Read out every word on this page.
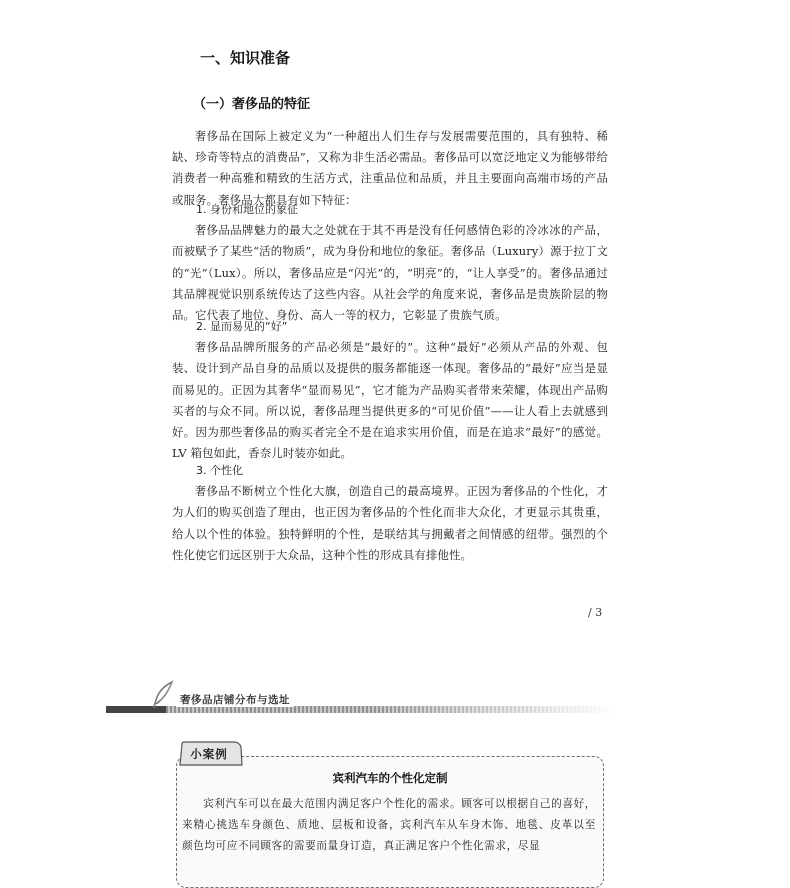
一、知识准备
（一）奢侈品的特征

奢侈品在国际上被定义为“一种超出人们生存与发展需要范围的，具有独特、稀缺、珍奇等特点的消费品”，又称为非生活必需品。奢侈品可以宽泛地定义为能够带给消费者一种高雅和精致的生活方式，注重品位和品质，并且主要面向高端市场的产品或服务。奢侈品大都具有如下特征：

1. 身份和地位的象征

奢侈品品牌魅力的最大之处就在于其不再是没有任何感情色彩的冷冰冰的产品，而被赋予了某些“活的物质”，成为身份和地位的象征。奢侈品（Luxury）源于拉丁文的“光”（Lux）。所以，奢侈品应是“闪光”的，“明亮”的，“让人享受”的。奢侈品通过其品牌视觉识别系统传达了这些内容。从社会学的角度来说，奢侈品是贵族阶层的物品。它代表了地位、身份、高人一等的权力，它彰显了贵族气质。

2. 显而易见的“好”

奢侈品品牌所服务的产品必须是“最好的”。这种“最好”必须从产品的外观、包装、设计到产品自身的品质以及提供的服务都能逐一体现。奢侈品的“最好”应当是显而易见的。正因为其奢华“显而易见”，它才能为产品购买者带来荣耀，体现出产品购买者的与众不同。所以说，奢侈品理当提供更多的“可见价值”——让人看上去就感到好。因为那些奢侈品的购买者完全不是在追求实用价值，而是在追求“最好”的感觉。LV 箱包如此，香奈儿时装亦如此。

3. 个性化

奢侈品不断树立个性化大旗，创造自己的最高境界。正因为奢侈品的个性化，才为人们的购买创造了理由，也正因为奢侈品的个性化而非大众化，才更显示其贵重，给人以个性的体验。独特鲜明的个性，是联结其与拥戴者之间情感的纽带。强烈的个性化使它们远区别于大众品，这种个性的形成具有排他性。

/ 3
奢侈品店铺分布与选址
小案例
宾利汽车的个性化定制

宾利汽车可以在最大范围内满足客户个性化的需求。顾客可以根据自己的喜好，来精心挑选车身颜色、质地、层板和设备，宾利汽车从车身木饰、地毯、皮革以至颜色均可应不同顾客的需要而量身订造，真正满足客户个性化需求，尽显
